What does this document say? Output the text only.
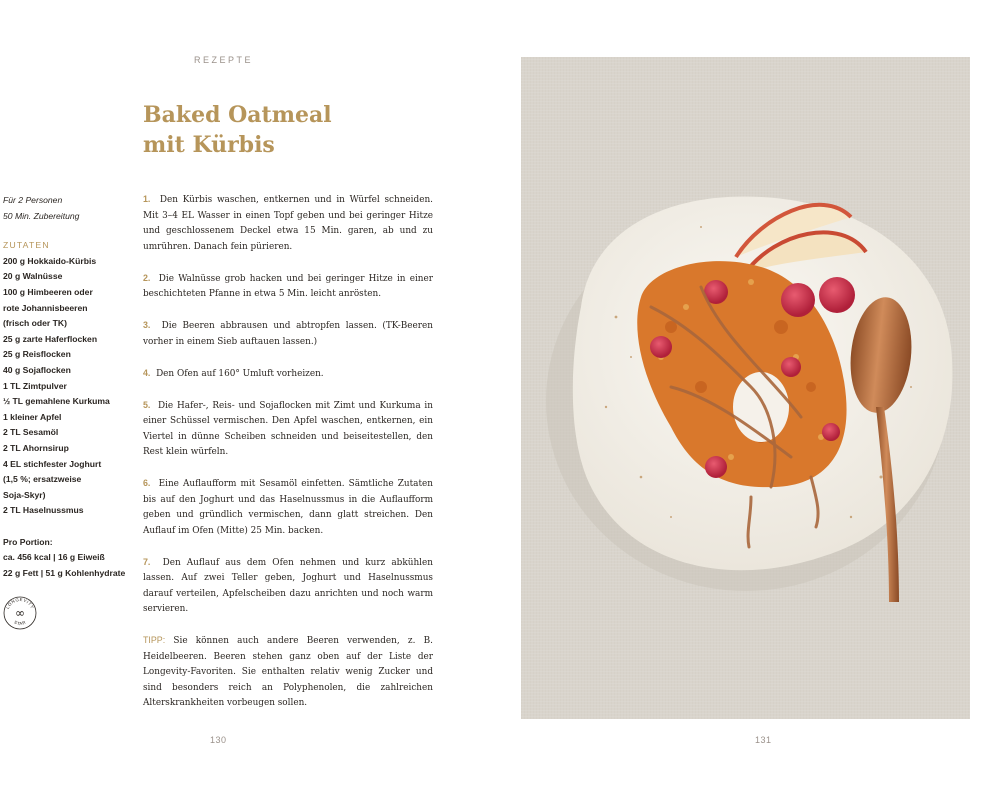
REZEPTE
Baked Oatmeal
mit Kürbis
Für 2 Personen
50 Min. Zubereitung
ZUTATEN
200 g Hokkaido-Kürbis
20 g Walnüsse
100 g Himbeeren oder
rote Johannisbeeren
(frisch oder TK)
25 g zarte Haferflocken
25 g Reisflocken
40 g Sojaflocken
1 TL Zimtpulver
½ TL gemahlene Kurkuma
1 kleiner Apfel
2 TL Sesamöl
2 TL Ahornsirup
4 EL stichfester Joghurt
(1,5 %; ersatzweise
Soja-Skyr)
2 TL Haselnussmus
Pro Portion:
ca. 456 kcal | 16 g Eiweiß
22 g Fett | 51 g Kohlenhydrate
LONGEVITY
STAR
∞
1. Den Kürbis waschen, entkernen und in Würfel schneiden. Mit 3–4 EL Wasser in einen Topf geben und bei geringer Hitze und geschlossenem Deckel etwa 15 Min. garen, ab und zu umrühren. Danach fein pürieren.
2. Die Walnüsse grob hacken und bei geringer Hitze in einer beschichteten Pfanne in etwa 5 Min. leicht anrösten.
3. Die Beeren abbrausen und abtropfen lassen. (TK-Beeren vorher in einem Sieb auftauen lassen.)
4. Den Ofen auf 160° Umluft vorheizen.
5. Die Hafer-, Reis- und Sojaflocken mit Zimt und Kurkuma in einer Schüssel vermischen. Den Apfel waschen, entkernen, ein Viertel in dünne Scheiben schneiden und beiseitestellen, den Rest klein würfeln.
6. Eine Auflaufform mit Sesamöl einfetten. Sämtliche Zutaten bis auf den Joghurt und das Haselnussmus in die Auflaufform geben und gründlich vermischen, dann glatt streichen. Den Auflauf im Ofen (Mitte) 25 Min. backen.
7. Den Auflauf aus dem Ofen nehmen und kurz abkühlen lassen. Auf zwei Teller geben, Joghurt und Haselnussmus darauf verteilen, Apfelscheiben dazu anrichten und noch warm servieren.
TIPP: Sie können auch andere Beeren verwenden, z. B. Heidelbeeren. Beeren stehen ganz oben auf der Liste der Longevity-Favoriten. Sie enthalten relativ wenig Zucker und sind besonders reich an Polyphenolen, die zahlreichen Alterskrankheiten vorbeugen sollen.
130	131
